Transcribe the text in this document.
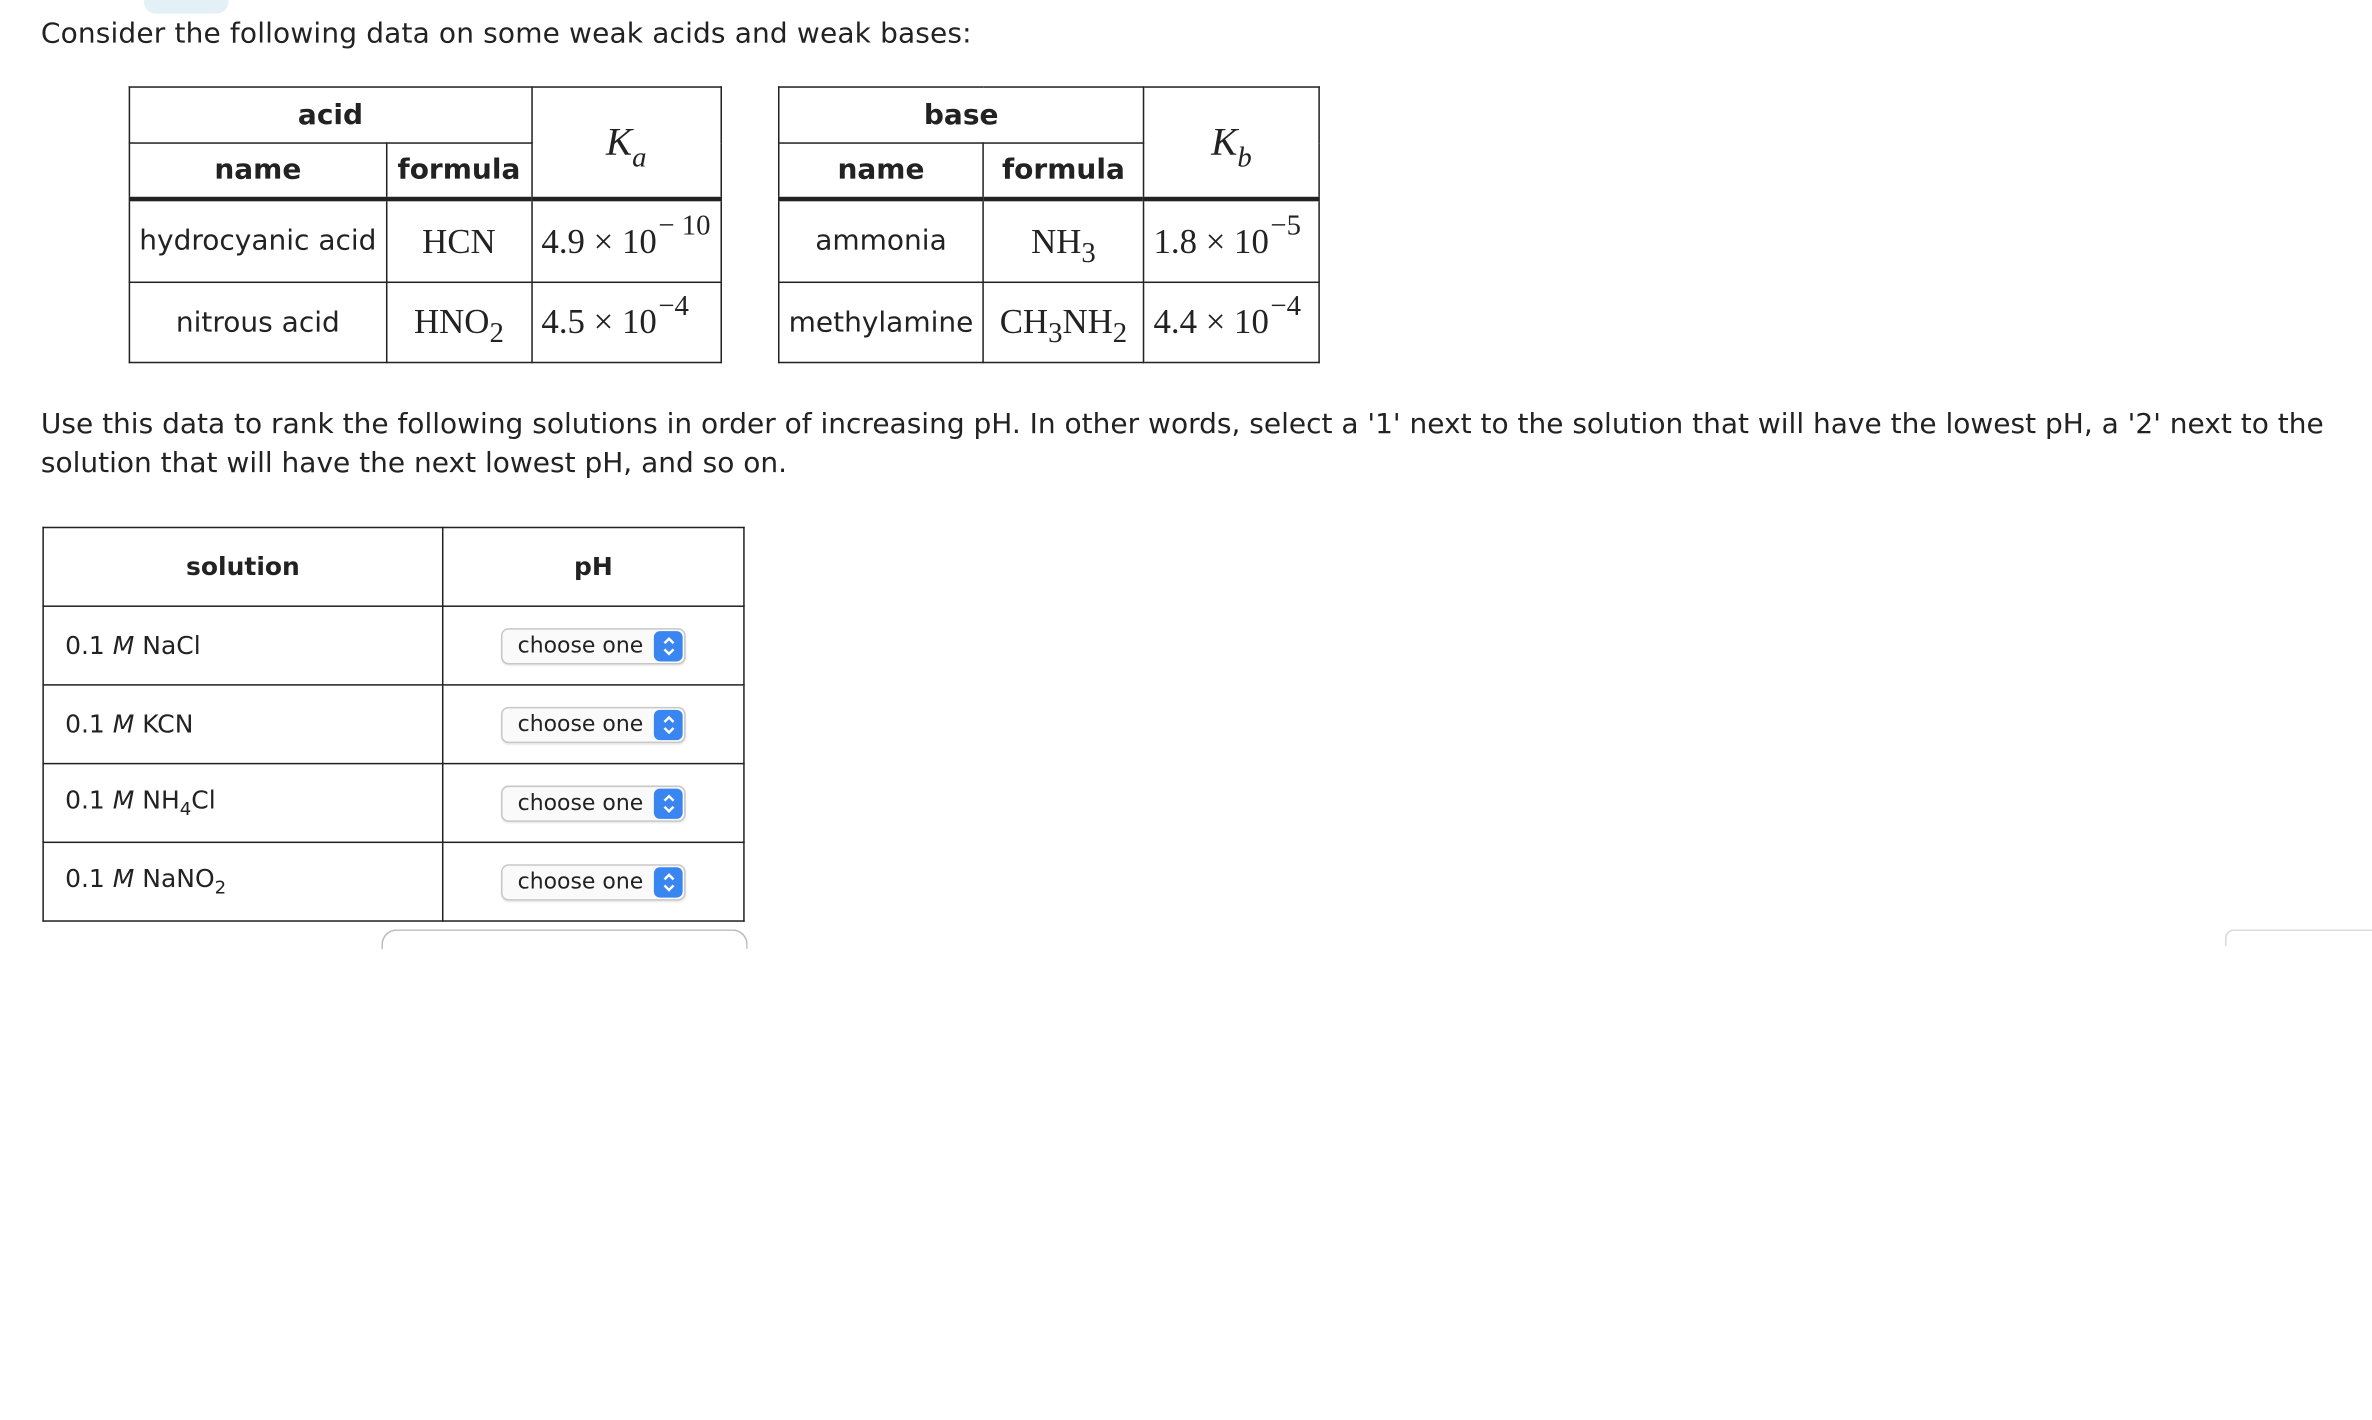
Consider the following data on some weak acids and weak bases:
acid		$K_a$
name	formula	
hydrocyanic acid	HCN	$4.9 \times 10^{- 10}$
nitrous acid	$HNO_2$	$4.5 \times 10^{-4}$
base		$K_b$
name	formula	
ammonia	$NH_3$	$1.8 \times 10^{-5}$
methylamine	$CH_3NH_2$	$4.4 \times 10^{-4}$
Use this data to rank the following solutions in order of increasing pH. In other words, select a '1' next to the solution that will have the lowest pH, a '2' next to the solution that will have the next lowest pH, and so on.
solution	pH
0.1 M NaCl	choose one

0.1 M KCN	choose one

0.1 M $NH_4Cl$	choose one

0.1 M NaNO$_2$	choose one
